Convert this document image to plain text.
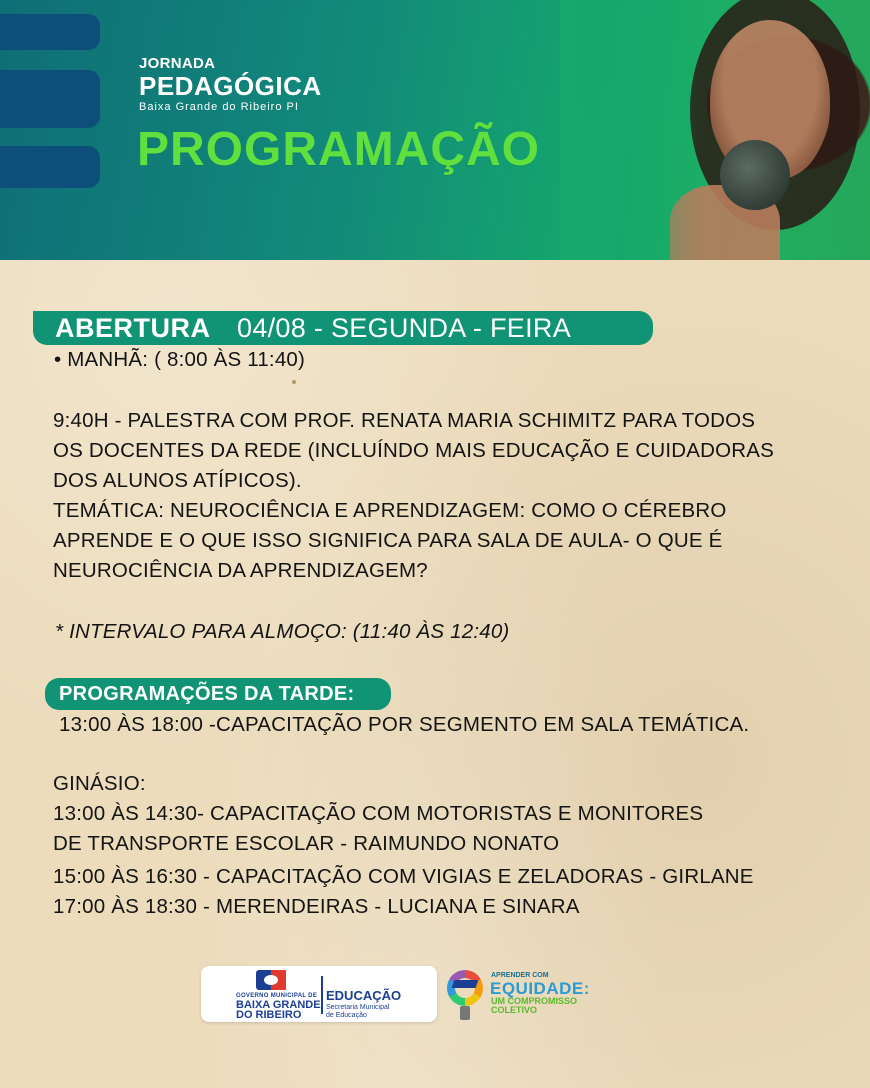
JORNADA
PEDAGÓGICA
Baixa Grande do Ribeiro PI
PROGRAMAÇÃO
ABERTURA 04/08 - SEGUNDA - FEIRA
• MANHÃ: ( 8:00 ÀS 11:40)
9:40H - PALESTRA COM PROF. RENATA MARIA SCHIMITZ PARA TODOS
OS DOCENTES DA REDE (INCLUÍNDO MAIS EDUCAÇÃO E CUIDADORAS
DOS ALUNOS ATÍPICOS).
TEMÁTICA: NEUROCIÊNCIA E APRENDIZAGEM: COMO O CÉREBRO
APRENDE E O QUE ISSO SIGNIFICA PARA SALA DE AULA- O QUE É
NEUROCIÊNCIA DA APRENDIZAGEM?
* INTERVALO PARA ALMOÇO: (11:40 ÀS 12:40)
PROGRAMAÇÕES DA TARDE:
13:00 ÀS 18:00 -CAPACITAÇÃO POR SEGMENTO EM SALA TEMÁTICA.
GINÁSIO:
13:00 ÀS 14:30- CAPACITAÇÃO COM MOTORISTAS E MONITORES
DE TRANSPORTE ESCOLAR - RAIMUNDO NONATO
15:00 ÀS 16:30 - CAPACITAÇÃO COM VIGIAS E ZELADORAS - GIRLANE
17:00 ÀS 18:30 - MERENDEIRAS - LUCIANA E SINARA
GOVERNO MUNICIPAL DE
BAIXA GRANDE
DO RIBEIRO
EDUCAÇÃO
Secretaria Municipal
de Educação
APRENDER COM
EQUIDADE:
UM COMPROMISSO
COLETIVO
